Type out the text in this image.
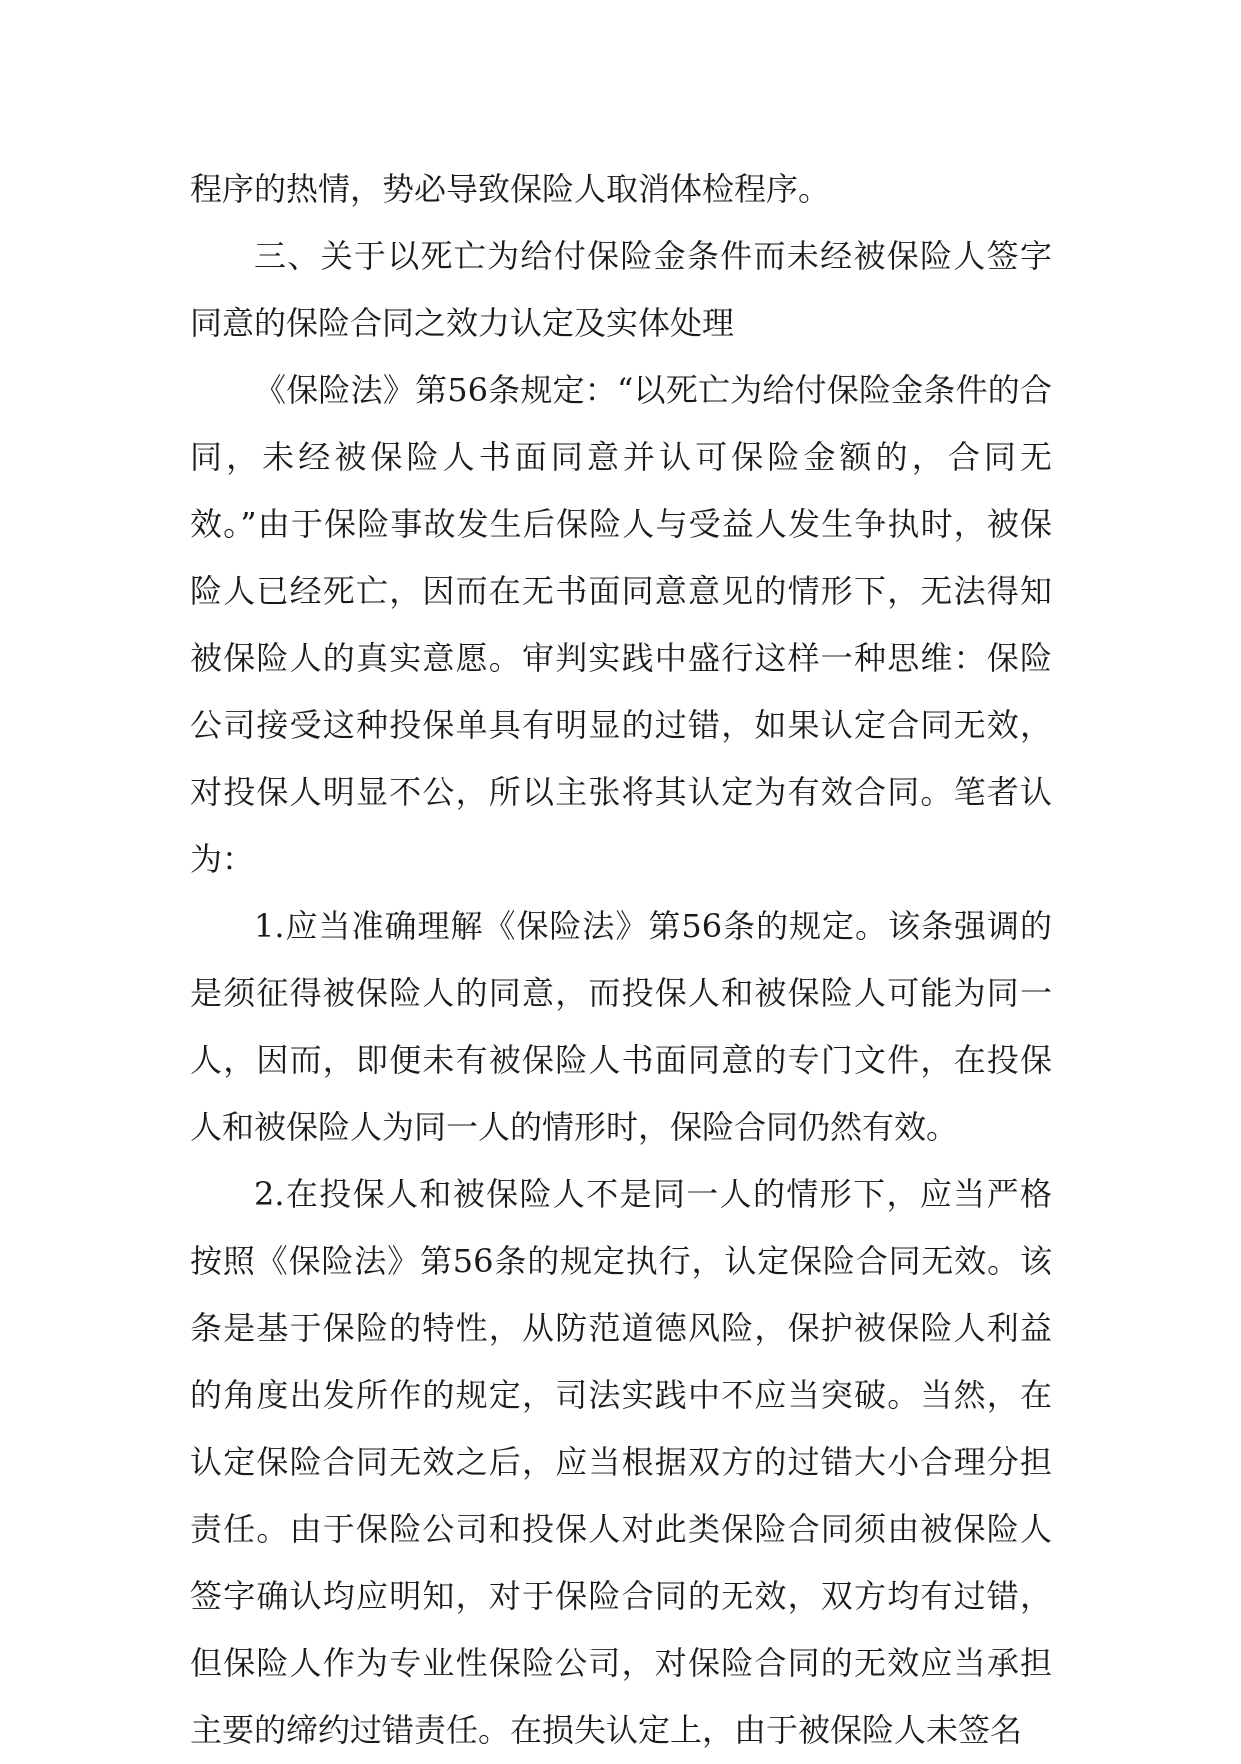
程序的热情，势必导致保险人取消体检程序。

三、关于以死亡为给付保险金条件而未经被保险人签字同意的保险合同之效力认定及实体处理

《保险法》第56条规定：“以死亡为给付保险金条件的合同，未经被保险人书面同意并认可保险金额的，合同无效。”由于保险事故发生后保险人与受益人发生争执时，被保险人已经死亡，因而在无书面同意意见的情形下，无法得知被保险人的真实意愿。审判实践中盛行这样一种思维：保险公司接受这种投保单具有明显的过错，如果认定合同无效，对投保人明显不公，所以主张将其认定为有效合同。笔者认为：

1.应当准确理解《保险法》第56条的规定。该条强调的是须征得被保险人的同意，而投保人和被保险人可能为同一人，因而，即便未有被保险人书面同意的专门文件，在投保人和被保险人为同一人的情形时，保险合同仍然有效。

2.在投保人和被保险人不是同一人的情形下，应当严格按照《保险法》第56条的规定执行，认定保险合同无效。该条是基于保险的特性，从防范道德风险，保护被保险人利益的角度出发所作的规定，司法实践中不应当突破。当然，在认定保险合同无效之后，应当根据双方的过错大小合理分担责任。由于保险公司和投保人对此类保险合同须由被保险人签字确认均应明知，对于保险合同的无效，双方均有过错，但保险人作为专业性保险公司，对保险合同的无效应当承担主要的缔约过错责任。在损失认定上，由于被保险人未签名
